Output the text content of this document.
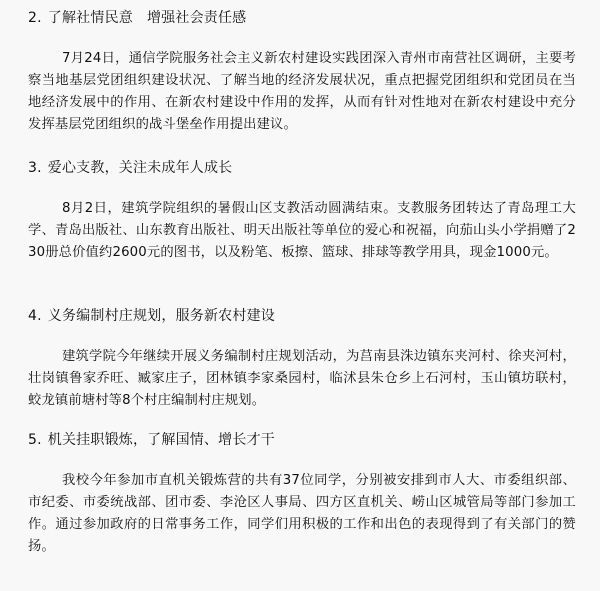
2. 了解社情民意 增强社会责任感

7月24日，通信学院服务社会主义新农村建设实践团深入青州市南营社区调研，主要考察当地基层党团组织建设状况、了解当地的经济发展状况，重点把握党团组织和党团员在当地经济发展中的作用、在新农村建设中作用的发挥，从而有针对性地对在新农村建设中充分发挥基层党团组织的战斗堡垒作用提出建议。

3. 爱心支教，关注未成年人成长

8月2日，建筑学院组织的暑假山区支教活动圆满结束。支教服务团转达了青岛理工大学、青岛出版社、山东教育出版社、明天出版社等单位的爱心和祝福，向茄山头小学捐赠了230册总价值约2600元的图书，以及粉笔、板擦、篮球、排球等教学用具，现金1000元。

4. 义务编制村庄规划，服务新农村建设

建筑学院今年继续开展义务编制村庄规划活动，为莒南县洙边镇东夹河村、徐夹河村，壮岗镇鲁家乔旺、臧家庄子，团林镇李家桑园村，临沭县朱仓乡上石河村，玉山镇坊联村，蛟龙镇前塘村等8个村庄编制村庄规划。

5. 机关挂职锻炼，了解国情、增长才干

我校今年参加市直机关锻炼营的共有37位同学，分别被安排到市人大、市委组织部、市纪委、市委统战部、团市委、李沧区人事局、四方区直机关、崂山区城管局等部门参加工作。通过参加政府的日常事务工作，同学们用积极的工作和出色的表现得到了有关部门的赞扬。
